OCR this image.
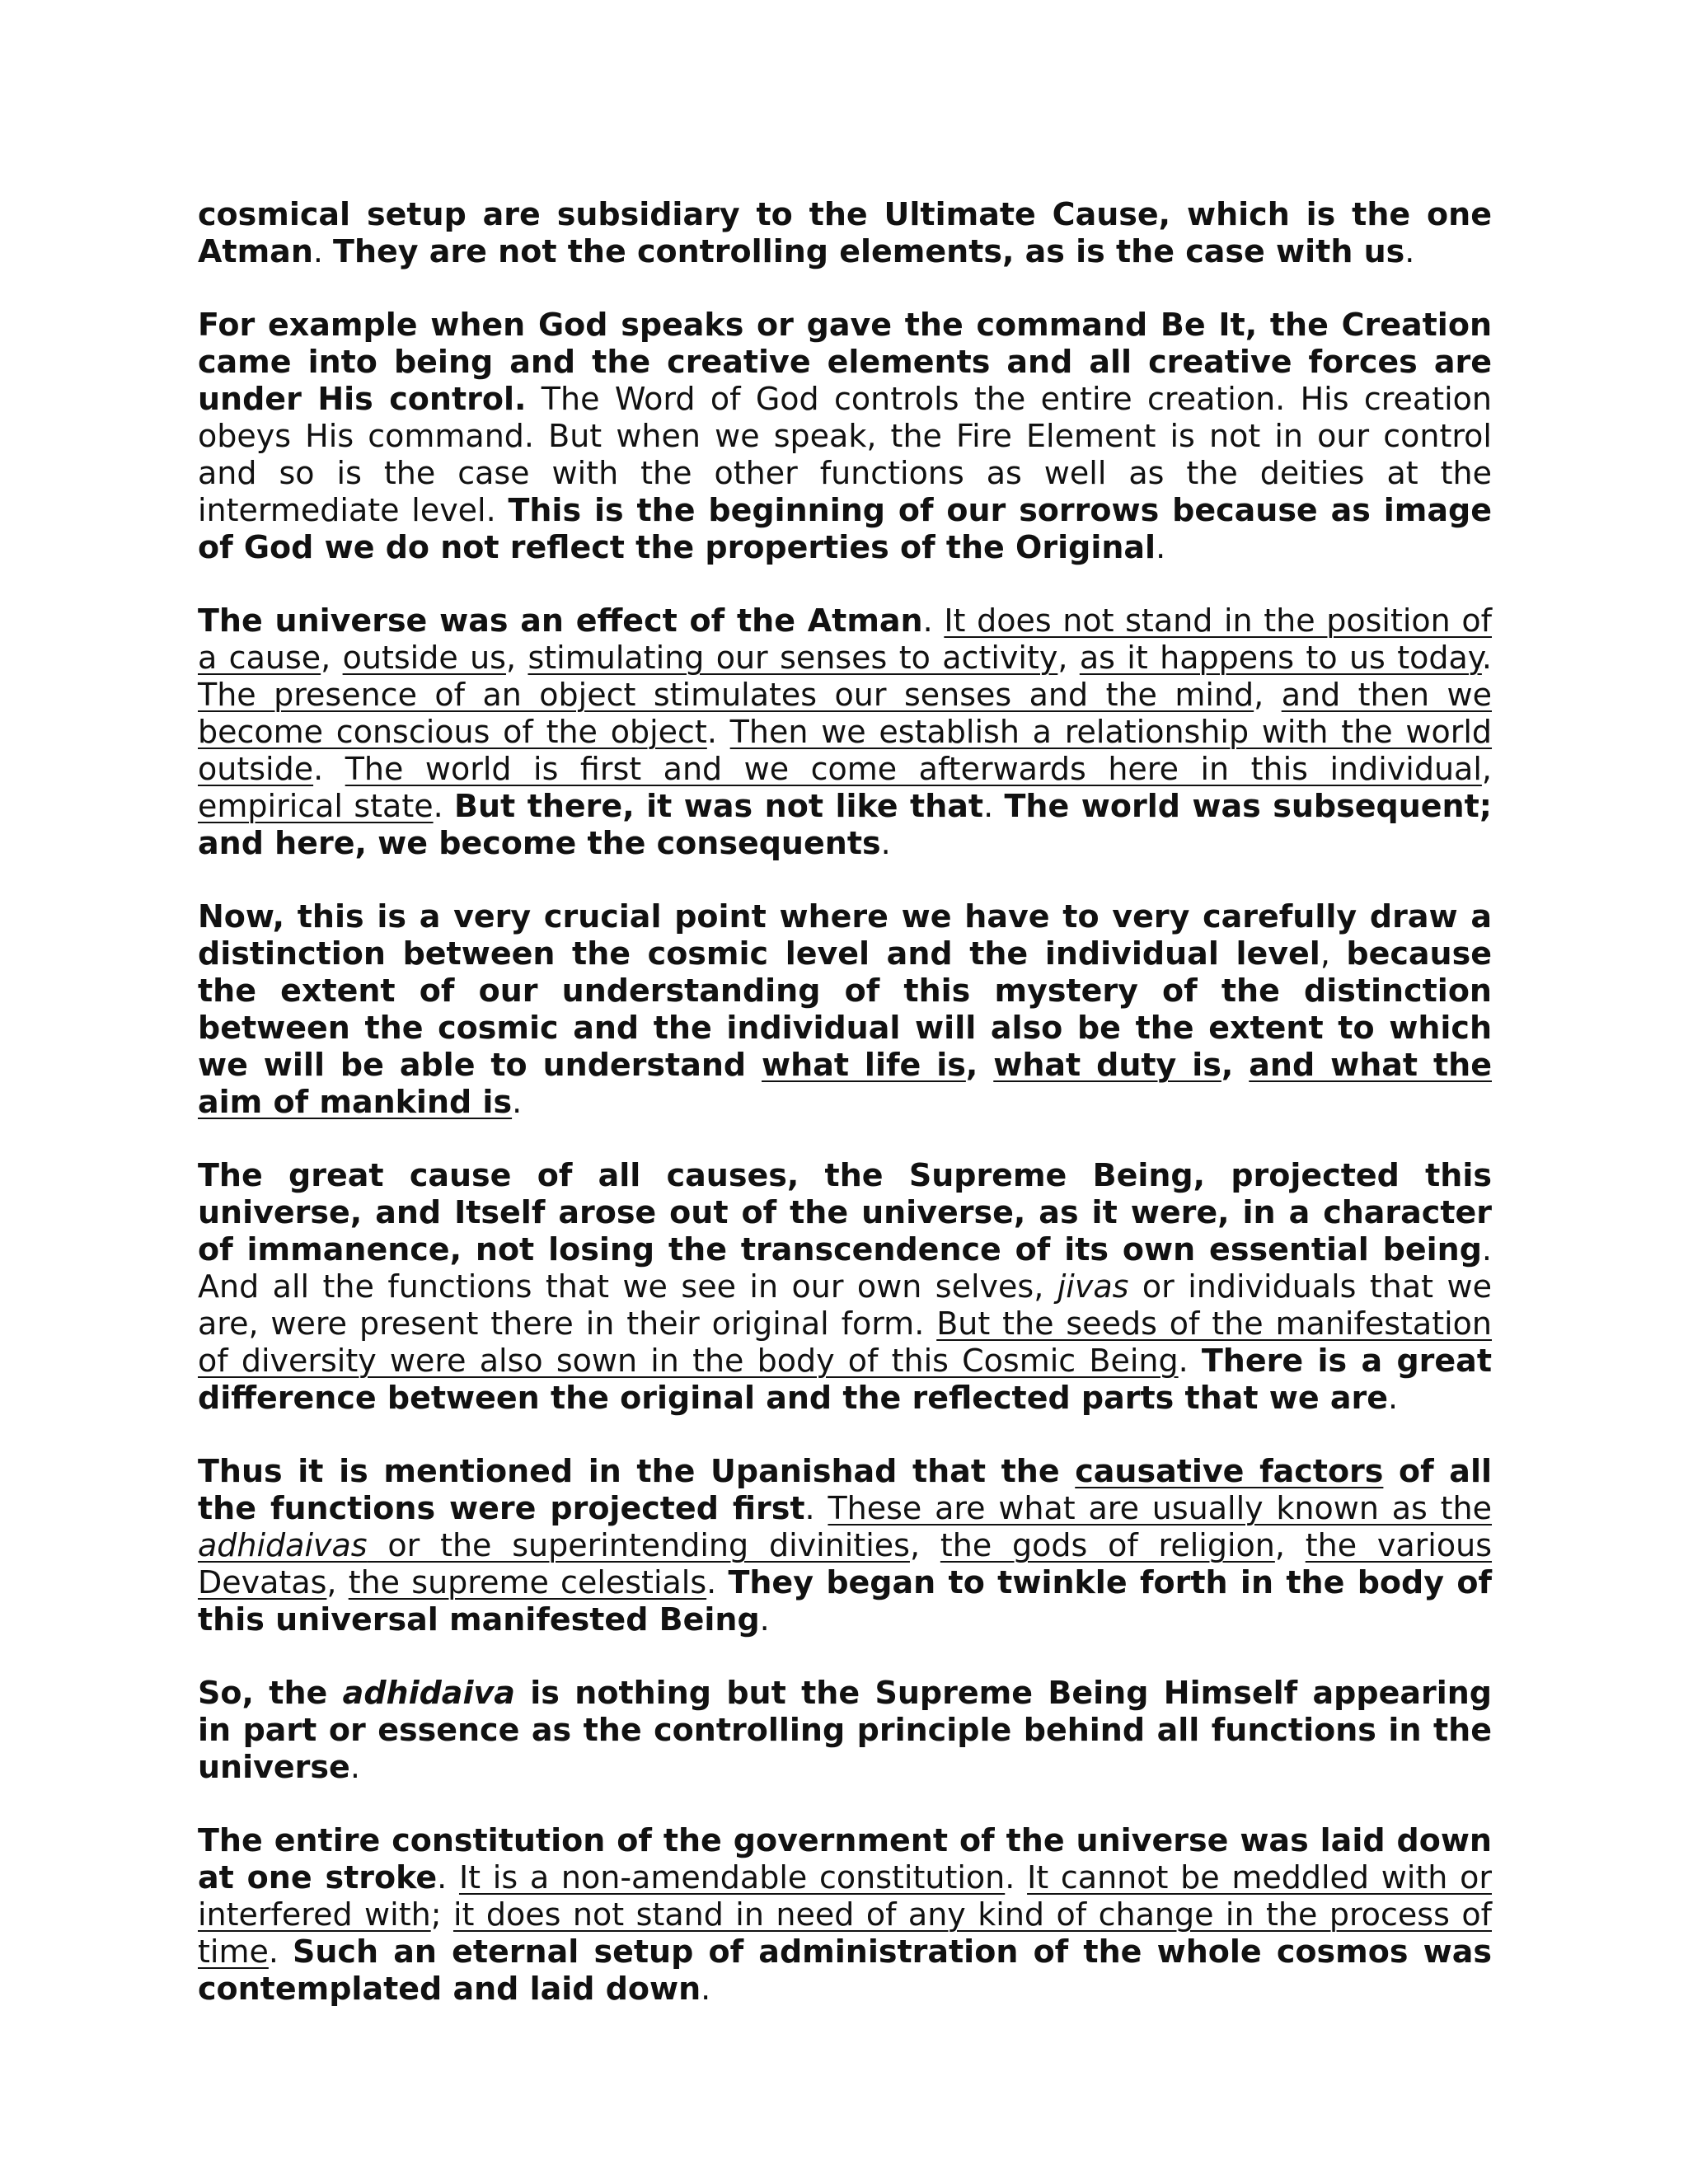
cosmical setup are subsidiary to the Ultimate Cause, which is the one Atman. They are not the controlling elements, as is the case with us.

For example when God speaks or gave the command Be It, the Creation came into being and the creative elements and all creative forces are under His control. The Word of God controls the entire creation. His creation obeys His command. But when we speak, the Fire Element is not in our control and so is the case with the other functions as well as the deities at the intermediate level. This is the beginning of our sorrows because as image of God we do not reflect the properties of the Original.

The universe was an effect of the Atman. It does not stand in the position of a cause, outside us, stimulating our senses to activity, as it happens to us today. The presence of an object stimulates our senses and the mind, and then we become conscious of the object. Then we establish a relationship with the world outside. The world is first and we come afterwards here in this individual, empirical state. But there, it was not like that. The world was subsequent; and here, we become the consequents.

Now, this is a very crucial point where we have to very carefully draw a distinction between the cosmic level and the individual level, because the extent of our understanding of this mystery of the distinction between the cosmic and the individual will also be the extent to which we will be able to understand what life is, what duty is, and what the aim of mankind is.

The great cause of all causes, the Supreme Being, projected this universe, and Itself arose out of the universe, as it were, in a character of immanence, not losing the transcendence of its own essential being. And all the functions that we see in our own selves, jivas or individuals that we are, were present there in their original form. But the seeds of the manifestation of diversity were also sown in the body of this Cosmic Being. There is a great difference between the original and the reflected parts that we are.

Thus it is mentioned in the Upanishad that the causative factors of all the functions were projected first. These are what are usually known as the adhidaivas or the superintending divinities, the gods of religion, the various Devatas, the supreme celestials. They began to twinkle forth in the body of this universal manifested Being.

So, the adhidaiva is nothing but the Supreme Being Himself appearing in part or essence as the controlling principle behind all functions in the universe.

The entire constitution of the government of the universe was laid down at one stroke. It is a non-amendable constitution. It cannot be meddled with or interfered with; it does not stand in need of any kind of change in the process of time. Such an eternal setup of administration of the whole cosmos was contemplated and laid down.
